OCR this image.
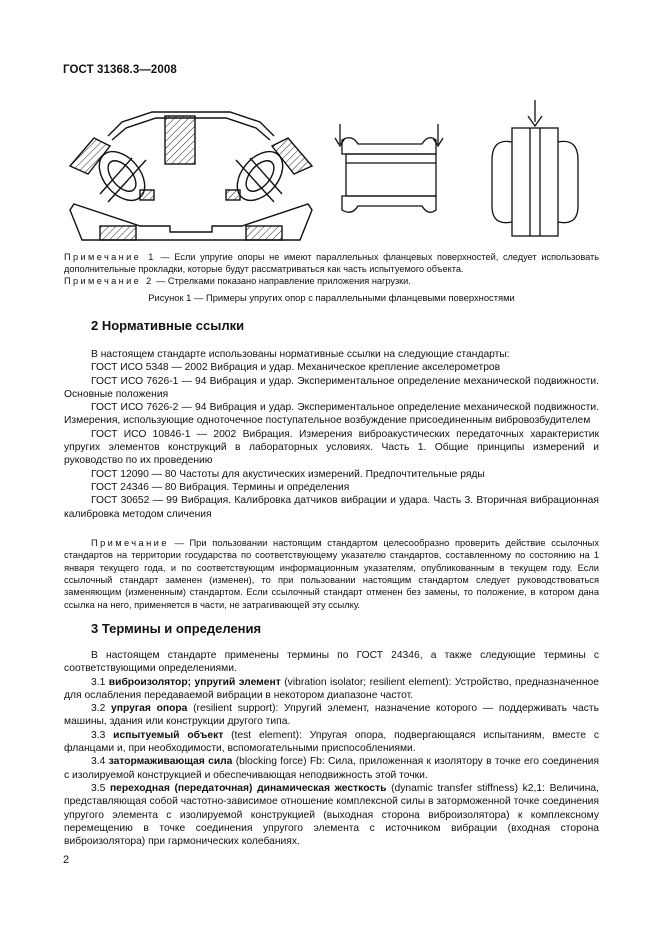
ГОСТ 31368.3—2008
Примечание 1 — Если упругие опоры не имеют параллельных фланцевых поверхностей, следует использовать дополнительные прокладки, которые будут рассматриваться как часть испытуемого объекта.
Примечание 2 — Стрелками показано направление приложения нагрузки.
Рисунок 1 — Примеры упругих опор с параллельными фланцевыми поверхностями
2 Нормативные ссылки

В настоящем стандарте использованы нормативные ссылки на следующие стандарты:

ГОСТ ИСО 5348 — 2002 Вибрация и удар. Механическое крепление акселерометров

ГОСТ ИСО 7626-1 — 94 Вибрация и удар. Экспериментальное определение механической подвижности. Основные положения

ГОСТ ИСО 7626-2 — 94 Вибрация и удар. Экспериментальное определение механической подвижности. Измерения, использующие одноточечное поступательное возбуждение присоединенным вибровозбудителем

ГОСТ ИСО 10846-1 — 2002 Вибрация. Измерения виброакустических передаточных характеристик упругих элементов конструкций в лабораторных условиях. Часть 1. Общие принципы измерений и руководство по их проведению

ГОСТ 12090 — 80 Частоты для акустических измерений. Предпочтительные ряды

ГОСТ 24346 — 80 Вибрация. Термины и определения

ГОСТ 30652 — 99 Вибрация. Калибровка датчиков вибрации и удара. Часть 3. Вторичная вибрационная калибровка методом сличения

Примечание — При пользовании настоящим стандартом целесообразно проверить действие ссылочных стандартов на территории государства по соответствующему указателю стандартов, составленному по состоянию на 1 января текущего года, и по соответствующим информационным указателям, опубликованным в текущем году. Если ссылочный стандарт заменен (изменен), то при пользовании настоящим стандартом следует руководствоваться заменяющим (измененным) стандартом. Если ссылочный стандарт отменен без замены, то положение, в котором дана ссылка на него, применяется в части, не затрагивающей эту ссылку.

3 Термины и определения

В настоящем стандарте применены термины по ГОСТ 24346, а также следующие термины с соответствующими определениями.

3.1 виброизолятор; упругий элемент (vibration isolator; resilient element): Устройство, предназначенное для ослабления передаваемой вибрации в некотором диапазоне частот.

3.2 упругая опора (resilient support): Упругий элемент, назначение которого — поддерживать часть машины, здания или конструкции другого типа.

3.3 испытуемый объект (test element): Упругая опора, подвергающаяся испытаниям, вместе с фланцами и, при необходимости, вспомогательными приспособлениями.

3.4 затормаживающая сила (blocking force) Fb: Сила, приложенная к изолятору в точке его соединения с изолируемой конструкцией и обеспечивающая неподвижность этой точки.

3.5 переходная (передаточная) динамическая жесткость (dynamic transfer stiffness) k2,1: Величина, представляющая собой частотно-зависимое отношение комплексной силы в заторможенной точке соединения упругого элемента с изолируемой конструкцией (выходная сторона виброизолятора) к комплексному перемещению в точке соединения упругого элемента с источником вибрации (входная сторона виброизолятора) при гармонических колебаниях.

2
